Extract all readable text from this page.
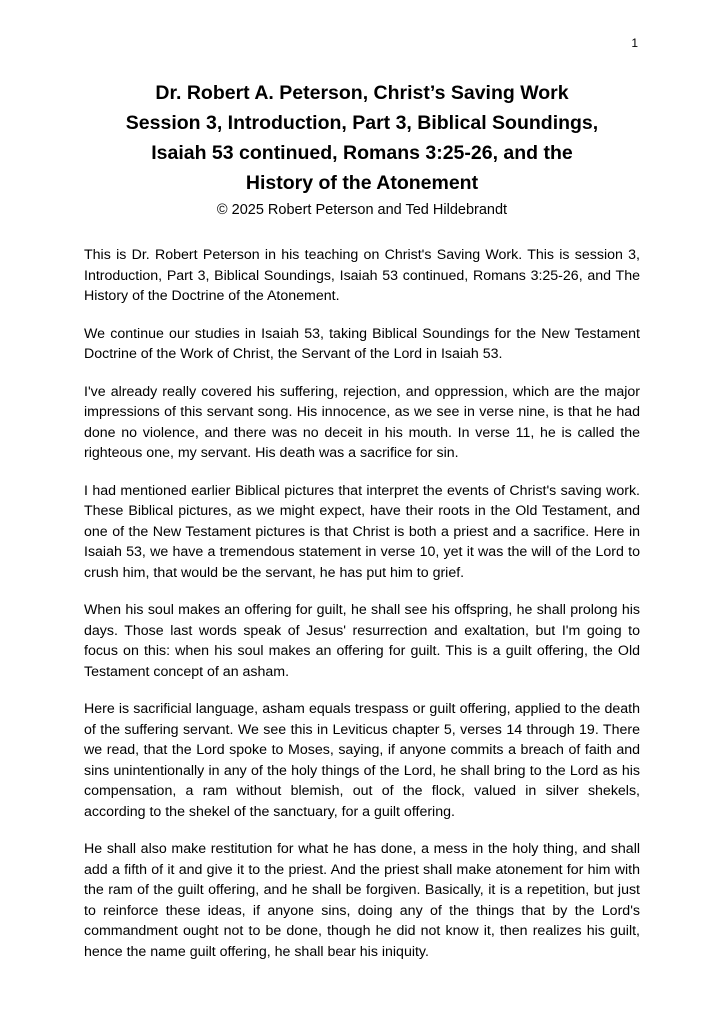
1
Dr. Robert A. Peterson, Christ’s Saving Work
Session 3, Introduction, Part 3, Biblical Soundings,
Isaiah 53 continued, Romans 3:25-26, and the
History of the Atonement
© 2025 Robert Peterson and Ted Hildebrandt

This is Dr. Robert Peterson in his teaching on Christ's Saving Work. This is session 3, Introduction, Part 3, Biblical Soundings, Isaiah 53 continued, Romans 3:25-26, and The History of the Doctrine of the Atonement.

We continue our studies in Isaiah 53, taking Biblical Soundings for the New Testament Doctrine of the Work of Christ, the Servant of the Lord in Isaiah 53.

I've already really covered his suffering, rejection, and oppression, which are the major impressions of this servant song. His innocence, as we see in verse nine, is that he had done no violence, and there was no deceit in his mouth. In verse 11, he is called the righteous one, my servant. His death was a sacrifice for sin.

I had mentioned earlier Biblical pictures that interpret the events of Christ's saving work. These Biblical pictures, as we might expect, have their roots in the Old Testament, and one of the New Testament pictures is that Christ is both a priest and a sacrifice. Here in Isaiah 53, we have a tremendous statement in verse 10, yet it was the will of the Lord to crush him, that would be the servant, he has put him to grief.

When his soul makes an offering for guilt, he shall see his offspring, he shall prolong his days. Those last words speak of Jesus' resurrection and exaltation, but I'm going to focus on this: when his soul makes an offering for guilt. This is a guilt offering, the Old Testament concept of an asham.

Here is sacrificial language, asham equals trespass or guilt offering, applied to the death of the suffering servant. We see this in Leviticus chapter 5, verses 14 through 19. There we read, that the Lord spoke to Moses, saying, if anyone commits a breach of faith and sins unintentionally in any of the holy things of the Lord, he shall bring to the Lord as his compensation, a ram without blemish, out of the flock, valued in silver shekels, according to the shekel of the sanctuary, for a guilt offering.

He shall also make restitution for what he has done, a mess in the holy thing, and shall add a fifth of it and give it to the priest. And the priest shall make atonement for him with the ram of the guilt offering, and he shall be forgiven. Basically, it is a repetition, but just to reinforce these ideas, if anyone sins, doing any of the things that by the Lord's commandment ought not to be done, though he did not know it, then realizes his guilt, hence the name guilt offering, he shall bear his iniquity.
